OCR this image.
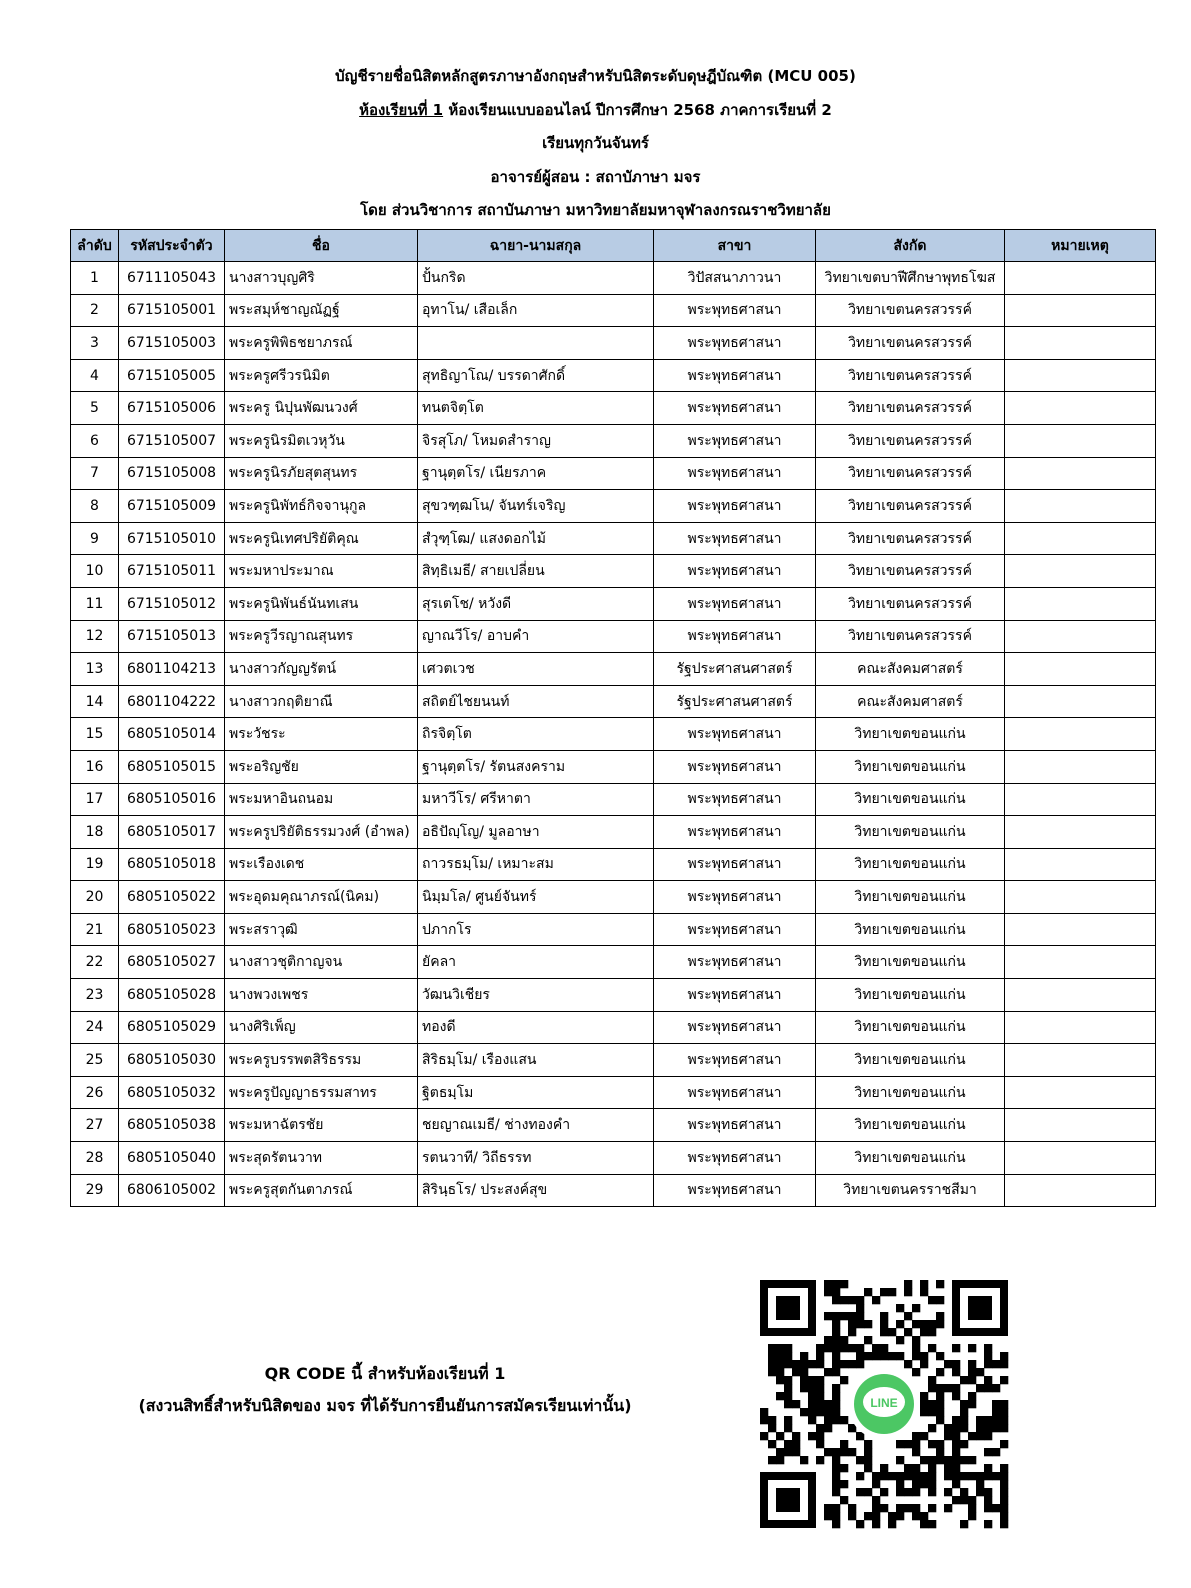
บัญชีรายชื่อนิสิตหลักสูตรภาษาอังกฤษสำหรับนิสิตระดับดุษฎีบัณฑิต (MCU 005)
ห้องเรียนที่ 1 ห้องเรียนแบบออนไลน์ ปีการศึกษา 2568 ภาคการเรียนที่ 2
เรียนทุกวันจันทร์
อาจารย์ผู้สอน : สถาบัภาษา มจร
โดย ส่วนวิชาการ สถาบันภาษา มหาวิทยาลัยมหาจุฬาลงกรณราชวิทยาลัย
ลำดับ	รหัสประจำตัว	ชื่อ	ฉายา-นามสกุล	สาขา	สังกัด	หมายเหตุ
1	6711105043	นางสาวบุญศิริ	ปั้นกริด	วิปัสสนาภาวนา	วิทยาเขตบาฬีศึกษาพุทธโฆส	
2	6715105001	พระสมุห์ชาญณัฏฐ์	อุทาโน/ เสือเล็ก	พระพุทธศาสนา	วิทยาเขตนครสวรรค์	
3	6715105003	พระครูพิพิธชยาภรณ์		พระพุทธศาสนา	วิทยาเขตนครสวรรค์	
4	6715105005	พระครูศรีวรนิมิต	สุทธิญาโณ/ บรรดาศักดิ์	พระพุทธศาสนา	วิทยาเขตนครสวรรค์	
5	6715105006	พระครู นิปุนพัฒนวงศ์	ทนตจิตฺโต	พระพุทธศาสนา	วิทยาเขตนครสวรรค์	
6	6715105007	พระครูนิรมิตเวหุวัน	จิรสุโภ/ โหมดสำราญ	พระพุทธศาสนา	วิทยาเขตนครสวรรค์	
7	6715105008	พระครูนิรภัยสุตสุนทร	ฐานุตฺตโร/ เนียรภาค	พระพุทธศาสนา	วิทยาเขตนครสวรรค์	
8	6715105009	พระครูนิพัทธ์กิจจานุกูล	สุขวฑฺฒโน/ จันทร์เจริญ	พระพุทธศาสนา	วิทยาเขตนครสวรรค์	
9	6715105010	พระครูนิเทศปริยัติคุณ	สํวุฑฺโฒ/ แสงดอกไม้	พระพุทธศาสนา	วิทยาเขตนครสวรรค์	
10	6715105011	พระมหาประมาณ	สิทฺธิเมธี/ สายเปลี่ยน	พระพุทธศาสนา	วิทยาเขตนครสวรรค์	
11	6715105012	พระครูนิพันธ์นันทเสน	สุรเตโช/ หวังดี	พระพุทธศาสนา	วิทยาเขตนครสวรรค์	
12	6715105013	พระครูวีรญาณสุนทร	ญาณวีโร/ อาบคำ	พระพุทธศาสนา	วิทยาเขตนครสวรรค์	
13	6801104213	นางสาวกัญญรัตน์	เศวตเวช	รัฐประศาสนศาสตร์	คณะสังคมศาสตร์	
14	6801104222	นางสาวกฤติยาณี	สถิตย์ไชยนนท์	รัฐประศาสนศาสตร์	คณะสังคมศาสตร์	
15	6805105014	พระวัชระ	ถิรจิตฺโต	พระพุทธศาสนา	วิทยาเขตขอนแก่น	
16	6805105015	พระอริญชัย	ฐานุตฺตโร/ รัตนสงคราม	พระพุทธศาสนา	วิทยาเขตขอนแก่น	
17	6805105016	พระมหาอินถนอม	มหาวีโร/ ศรีหาตา	พระพุทธศาสนา	วิทยาเขตขอนแก่น	
18	6805105017	พระครูปริยัติธรรมวงศ์ (อำพล)	อธิปัญฺโญ/ มูลอาษา	พระพุทธศาสนา	วิทยาเขตขอนแก่น	
19	6805105018	พระเรืองเดช	ถาวรธมฺโม/ เหมาะสม	พระพุทธศาสนา	วิทยาเขตขอนแก่น	
20	6805105022	พระอุดมคุณาภรณ์(นิคม)	นิมฺมโล/ ศูนย์จันทร์	พระพุทธศาสนา	วิทยาเขตขอนแก่น	
21	6805105023	พระสราวุฒิ	ปภากโร	พระพุทธศาสนา	วิทยาเขตขอนแก่น	
22	6805105027	นางสาวชุติกาญจน	ยัคลา	พระพุทธศาสนา	วิทยาเขตขอนแก่น	
23	6805105028	นางพวงเพชร	วัฒนวิเชียร	พระพุทธศาสนา	วิทยาเขตขอนแก่น	
24	6805105029	นางศิริเพ็ญ	ทองดี	พระพุทธศาสนา	วิทยาเขตขอนแก่น	
25	6805105030	พระครูบรรพตสิริธรรม	สิริธมฺโม/ เรืองแสน	พระพุทธศาสนา	วิทยาเขตขอนแก่น	
26	6805105032	พระครูปัญญาธรรมสาทร	ฐิตธมฺโม	พระพุทธศาสนา	วิทยาเขตขอนแก่น	
27	6805105038	พระมหาฉัตรชัย	ชยญาณเมธี/ ช่างทองคำ	พระพุทธศาสนา	วิทยาเขตขอนแก่น	
28	6805105040	พระสุดรัตนวาท	รตนวาที/ วิถีธรรท	พระพุทธศาสนา	วิทยาเขตขอนแก่น	
29	6806105002	พระครูสุตกันตาภรณ์	สิรินฺธโร/ ประสงค์สุข	พระพุทธศาสนา	วิทยาเขตนครราชสีมา	
QR CODE นี้ สำหรับห้องเรียนที่ 1
(สงวนสิทธิ์สำหรับนิสิตของ มจร ที่ได้รับการยืนยันการสมัครเรียนเท่านั้น)	LINE
